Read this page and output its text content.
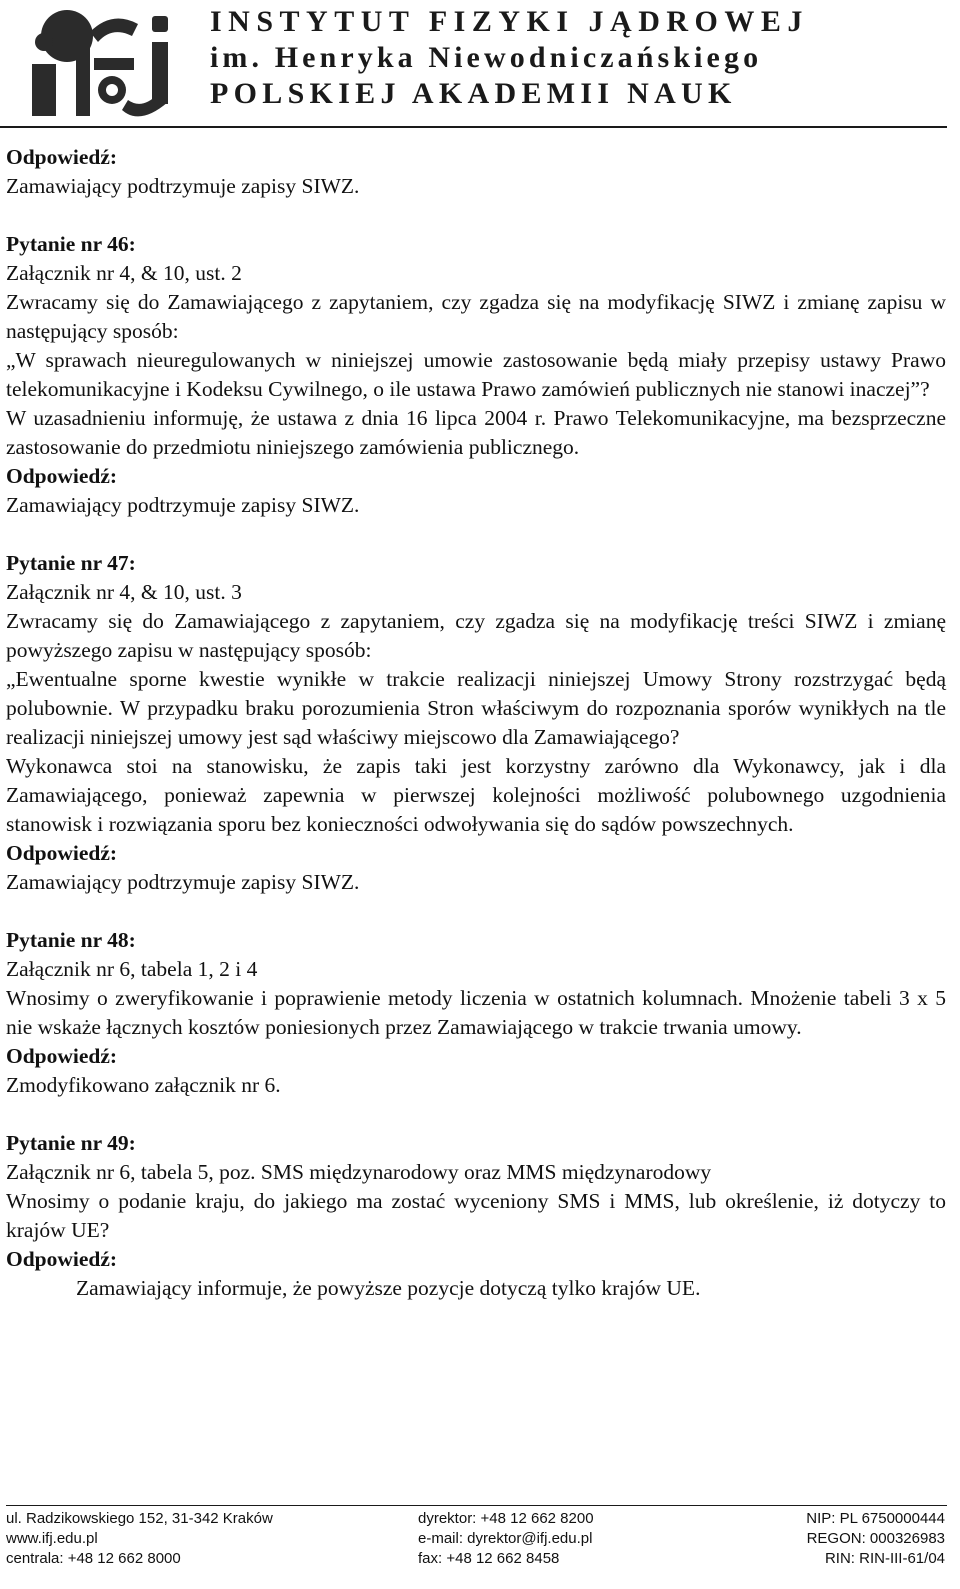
INSTYTUT FIZYKI JĄDROWEJ
im. Henryka Niewodniczańskiego
POLSKIEJ AKADEMII NAUK

Odpowiedź:

Zamawiający podtrzymuje zapisy SIWZ.

Pytanie nr 46:

Załącznik nr 4, & 10, ust. 2

Zwracamy się do Zamawiającego z zapytaniem, czy zgadza się na modyfikację SIWZ i zmianę zapisu w następujący sposób:

„W sprawach nieuregulowanych w niniejszej umowie zastosowanie będą miały przepisy ustawy Prawo telekomunikacyjne i Kodeksu Cywilnego, o ile ustawa Prawo zamówień publicznych nie stanowi inaczej”?

W uzasadnieniu informuję, że ustawa z dnia 16 lipca 2004 r. Prawo Telekomunikacyjne, ma bezsprzeczne zastosowanie do przedmiotu niniejszego zamówienia publicznego.

Odpowiedź:

Zamawiający podtrzymuje zapisy SIWZ.

Pytanie nr 47:

Załącznik nr 4, & 10, ust. 3

Zwracamy się do Zamawiającego z zapytaniem, czy zgadza się na modyfikację treści SIWZ i zmianę powyższego zapisu w następujący sposób:

„Ewentualne sporne kwestie wynikłe w trakcie realizacji niniejszej Umowy Strony rozstrzygać będą polubownie. W przypadku braku porozumienia Stron właściwym do rozpoznania sporów wynikłych na tle realizacji niniejszej umowy jest sąd właściwy miejscowo dla Zamawiającego?

Wykonawca stoi na stanowisku, że zapis taki jest korzystny zarówno dla Wykonawcy, jak i dla Zamawiającego, ponieważ zapewnia w pierwszej kolejności możliwość polubownego uzgodnienia stanowisk i rozwiązania sporu bez konieczności odwoływania się do sądów powszechnych.

Odpowiedź:

Zamawiający podtrzymuje zapisy SIWZ.

Pytanie nr 48:

Załącznik nr 6, tabela 1, 2 i 4

Wnosimy o zweryfikowanie i poprawienie metody liczenia w ostatnich kolumnach. Mnożenie tabeli 3 x 5 nie wskaże łącznych kosztów poniesionych przez Zamawiającego w trakcie trwania umowy.

Odpowiedź:

Zmodyfikowano załącznik nr 6.

Pytanie nr 49:

Załącznik nr 6, tabela 5, poz. SMS międzynarodowy oraz MMS międzynarodowy

Wnosimy o podanie kraju, do jakiego ma zostać wyceniony SMS i MMS, lub określenie, iż dotyczy to krajów UE?

Odpowiedź:

Zamawiający informuje, że powyższe pozycje dotyczą tylko krajów UE.

ul. Radzikowskiego 152, 31-342 Kraków
www.ifj.edu.pl
centrala: +48 12 662 8000
dyrektor: +48 12 662 8200
e-mail: dyrektor@ifj.edu.pl
fax: +48 12 662 8458
NIP: PL 6750000444
REGON: 000326983
RIN: RIN-III-61/04
